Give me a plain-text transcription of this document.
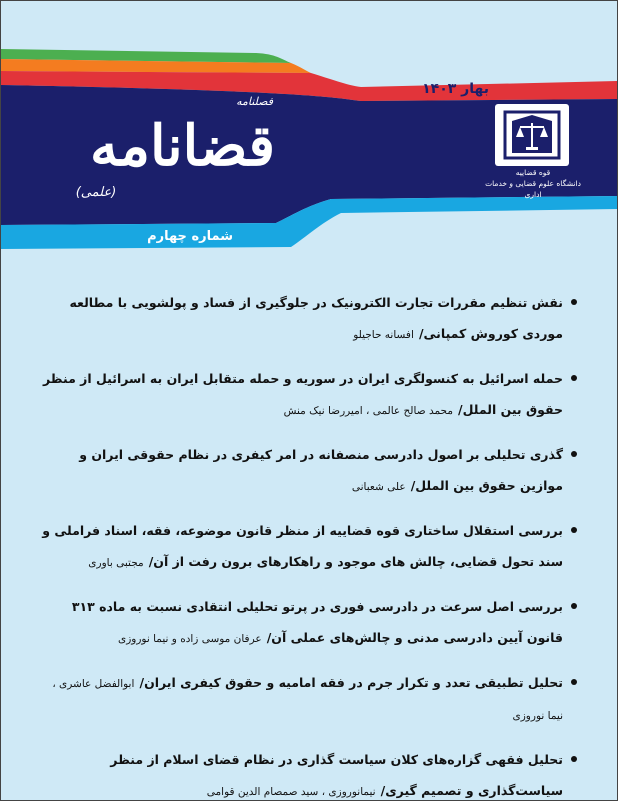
قوه قضاییه
دانشگاه علوم قضایی و خدمات اداری
بهار ۱۴۰۳
فصلنامه
قضانامه
(علمی)
شماره چهارم
نقش تنظیم مقررات تجارت الکترونیک در جلوگیری از فساد و پولشویی با مطالعه موردی کوروش کمپانی/ افسانه حاجیلو
حمله اسرائیل به کنسولگری ایران در سوریه و حمله متقابل ایران به اسرائیل از منظر حقوق بین الملل/ محمد صالح عالمی ، امیررضا نیک منش
گذری تحلیلی بر اصول دادرسی منصفانه در امر کیفری در نظام حقوقی ایران و موازین حقوق بین الملل/ علی شعبانی
بررسی استقلال ساختاری قوه قضاییه از منظر قانون موضوعه، فقه، اسناد فراملی و سند تحول قضایی، چالش های موجود و راهکارهای برون رفت از آن/ مجتبی باوری
بررسی اصل سرعت در دادرسی فوری در پرتو تحلیلی انتقادی نسبت به ماده ۳۱۳ قانون آیین دادرسی مدنی و چالش‌های عملی آن/ عرفان موسی زاده و نیما نوروزی
تحلیل تطبیقی تعدد و تکرار جرم در فقه امامیه و حقوق کیفری ایران/ ابوالفضل عاشری ، نیما نوروزی
تحلیل فقهی گزاره‌های کلان سیاست گذاری در نظام قضای اسلام از منظر سیاست‌گذاری و تصمیم گیری/ نیمانوروزی ، سید صمصام الدین قوامی
